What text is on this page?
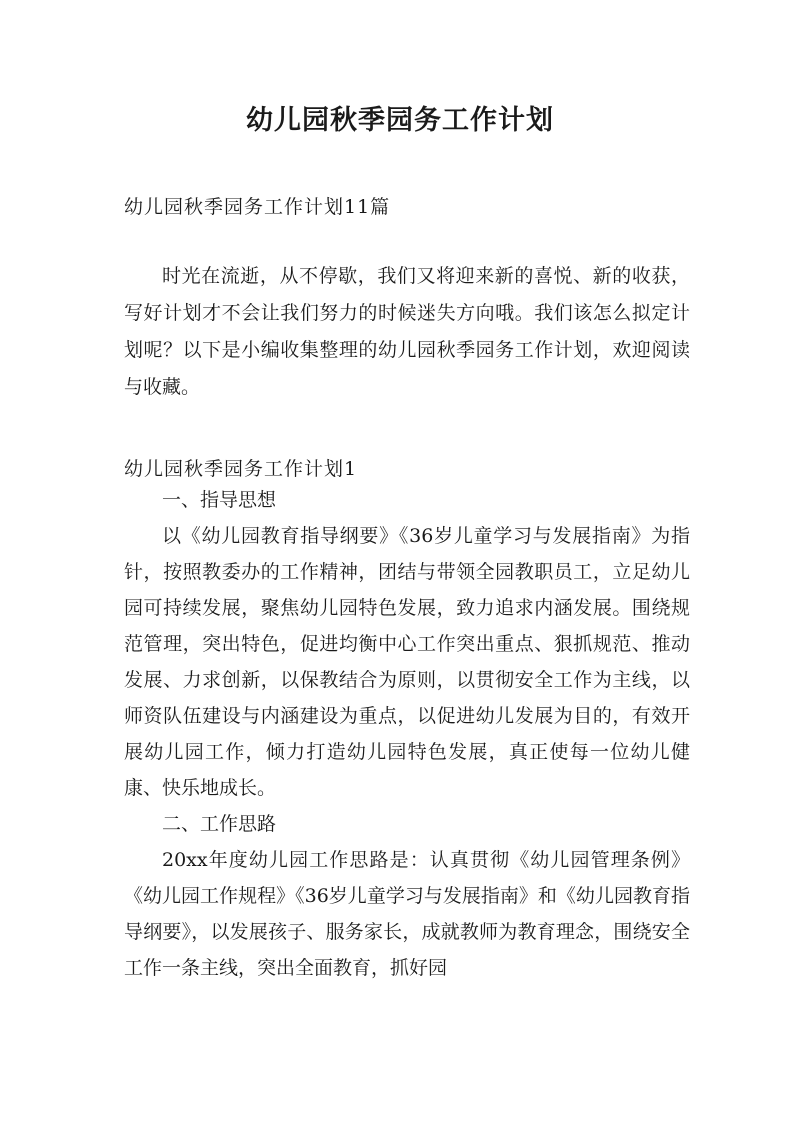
幼儿园秋季园务工作计划

幼儿园秋季园务工作计划11篇

时光在流逝，从不停歇，我们又将迎来新的喜悦、新的收获，写好计划才不会让我们努力的时候迷失方向哦。我们该怎么拟定计划呢？以下是小编收集整理的幼儿园秋季园务工作计划，欢迎阅读与收藏。

幼儿园秋季园务工作计划1

一、指导思想

以《幼儿园教育指导纲要》《36岁儿童学习与发展指南》为指针，按照教委办的工作精神，团结与带领全园教职员工，立足幼儿园可持续发展，聚焦幼儿园特色发展，致力追求内涵发展。围绕规范管理，突出特色，促进均衡中心工作突出重点、狠抓规范、推动发展、力求创新，以保教结合为原则，以贯彻安全工作为主线，以师资队伍建设与内涵建设为重点，以促进幼儿发展为目的，有效开展幼儿园工作，倾力打造幼儿园特色发展，真正使每一位幼儿健康、快乐地成长。

二、工作思路

20xx年度幼儿园工作思路是：认真贯彻《幼儿园管理条例》《幼儿园工作规程》《36岁儿童学习与发展指南》和《幼儿园教育指导纲要》，以发展孩子、服务家长，成就教师为教育理念，围绕安全工作一条主线，突出全面教育，抓好园
